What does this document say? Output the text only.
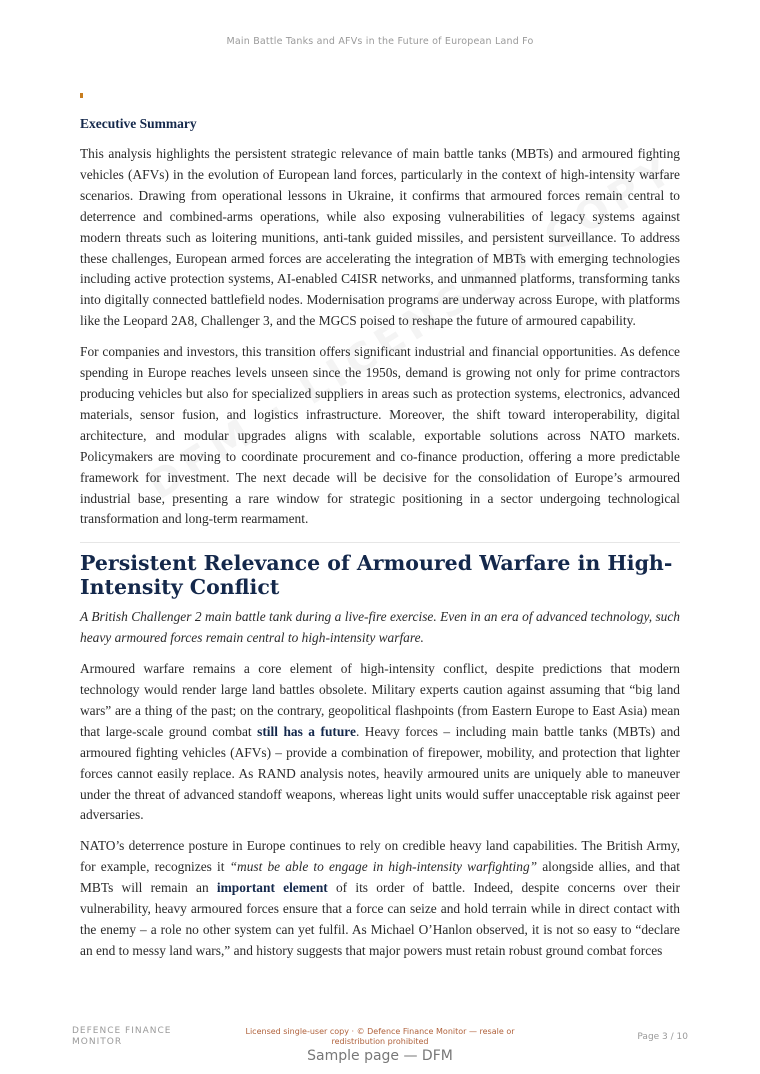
Main Battle Tanks and AFVs in the Future of European Land Fo
Executive Summary

This analysis highlights the persistent strategic relevance of main battle tanks (MBTs) and armoured fighting vehicles (AFVs) in the evolution of European land forces, particularly in the context of high-intensity warfare scenarios. Drawing from operational lessons in Ukraine, it confirms that armoured forces remain central to deterrence and combined-arms operations, while also exposing vulnerabilities of legacy systems against modern threats such as loitering munitions, anti-tank guided missiles, and persistent surveillance. To address these challenges, European armed forces are accelerating the integration of MBTs with emerging technologies including active protection systems, AI-enabled C4ISR networks, and unmanned platforms, transforming tanks into digitally connected battlefield nodes. Modernisation programs are underway across Europe, with platforms like the Leopard 2A8, Challenger 3, and the MGCS poised to reshape the future of armoured capability.

For companies and investors, this transition offers significant industrial and financial opportunities. As defence spending in Europe reaches levels unseen since the 1950s, demand is growing not only for prime contractors producing vehicles but also for specialized suppliers in areas such as protection systems, electronics, advanced materials, sensor fusion, and logistics infrastructure. Moreover, the shift toward interoperability, digital architecture, and modular upgrades aligns with scalable, exportable solutions across NATO markets. Policymakers are moving to coordinate procurement and co-finance production, offering a more predictable framework for investment. The next decade will be decisive for the consolidation of Europe’s armoured industrial base, presenting a rare window for strategic positioning in a sector undergoing technological transformation and long-term rearmament.

Persistent Relevance of Armoured Warfare in High-Intensity Conflict

A British Challenger 2 main battle tank during a live-fire exercise. Even in an era of advanced technology, such heavy armoured forces remain central to high-intensity warfare.

Armoured warfare remains a core element of high-intensity conflict, despite predictions that modern technology would render large land battles obsolete. Military experts caution against assuming that “big land wars” are a thing of the past; on the contrary, geopolitical flashpoints (from Eastern Europe to East Asia) mean that large-scale ground combat still has a future. Heavy forces – including main battle tanks (MBTs) and armoured fighting vehicles (AFVs) – provide a combination of firepower, mobility, and protection that lighter forces cannot easily replace. As RAND analysis notes, heavily armoured units are uniquely able to maneuver under the threat of advanced standoff weapons, whereas light units would suffer unacceptable risk against peer adversaries.

NATO’s deterrence posture in Europe continues to rely on credible heavy land capabilities. The British Army, for example, recognizes it “must be able to engage in high-intensity warfighting” alongside allies, and that MBTs will remain an important element of its order of battle. Indeed, despite concerns over their vulnerability, heavy armoured forces ensure that a force can seize and hold terrain while in direct contact with the enemy – a role no other system can yet fulfil. As Michael O’Hanlon observed, it is not so easy to “declare an end to messy land wars,” and history suggests that major powers must retain robust ground combat forces

DEFENCE FINANCE MONITOR
Licensed single-user copy · © Defence Finance Monitor — resale or redistribution prohibited	Page 3 / 10
Sample page — DFM
